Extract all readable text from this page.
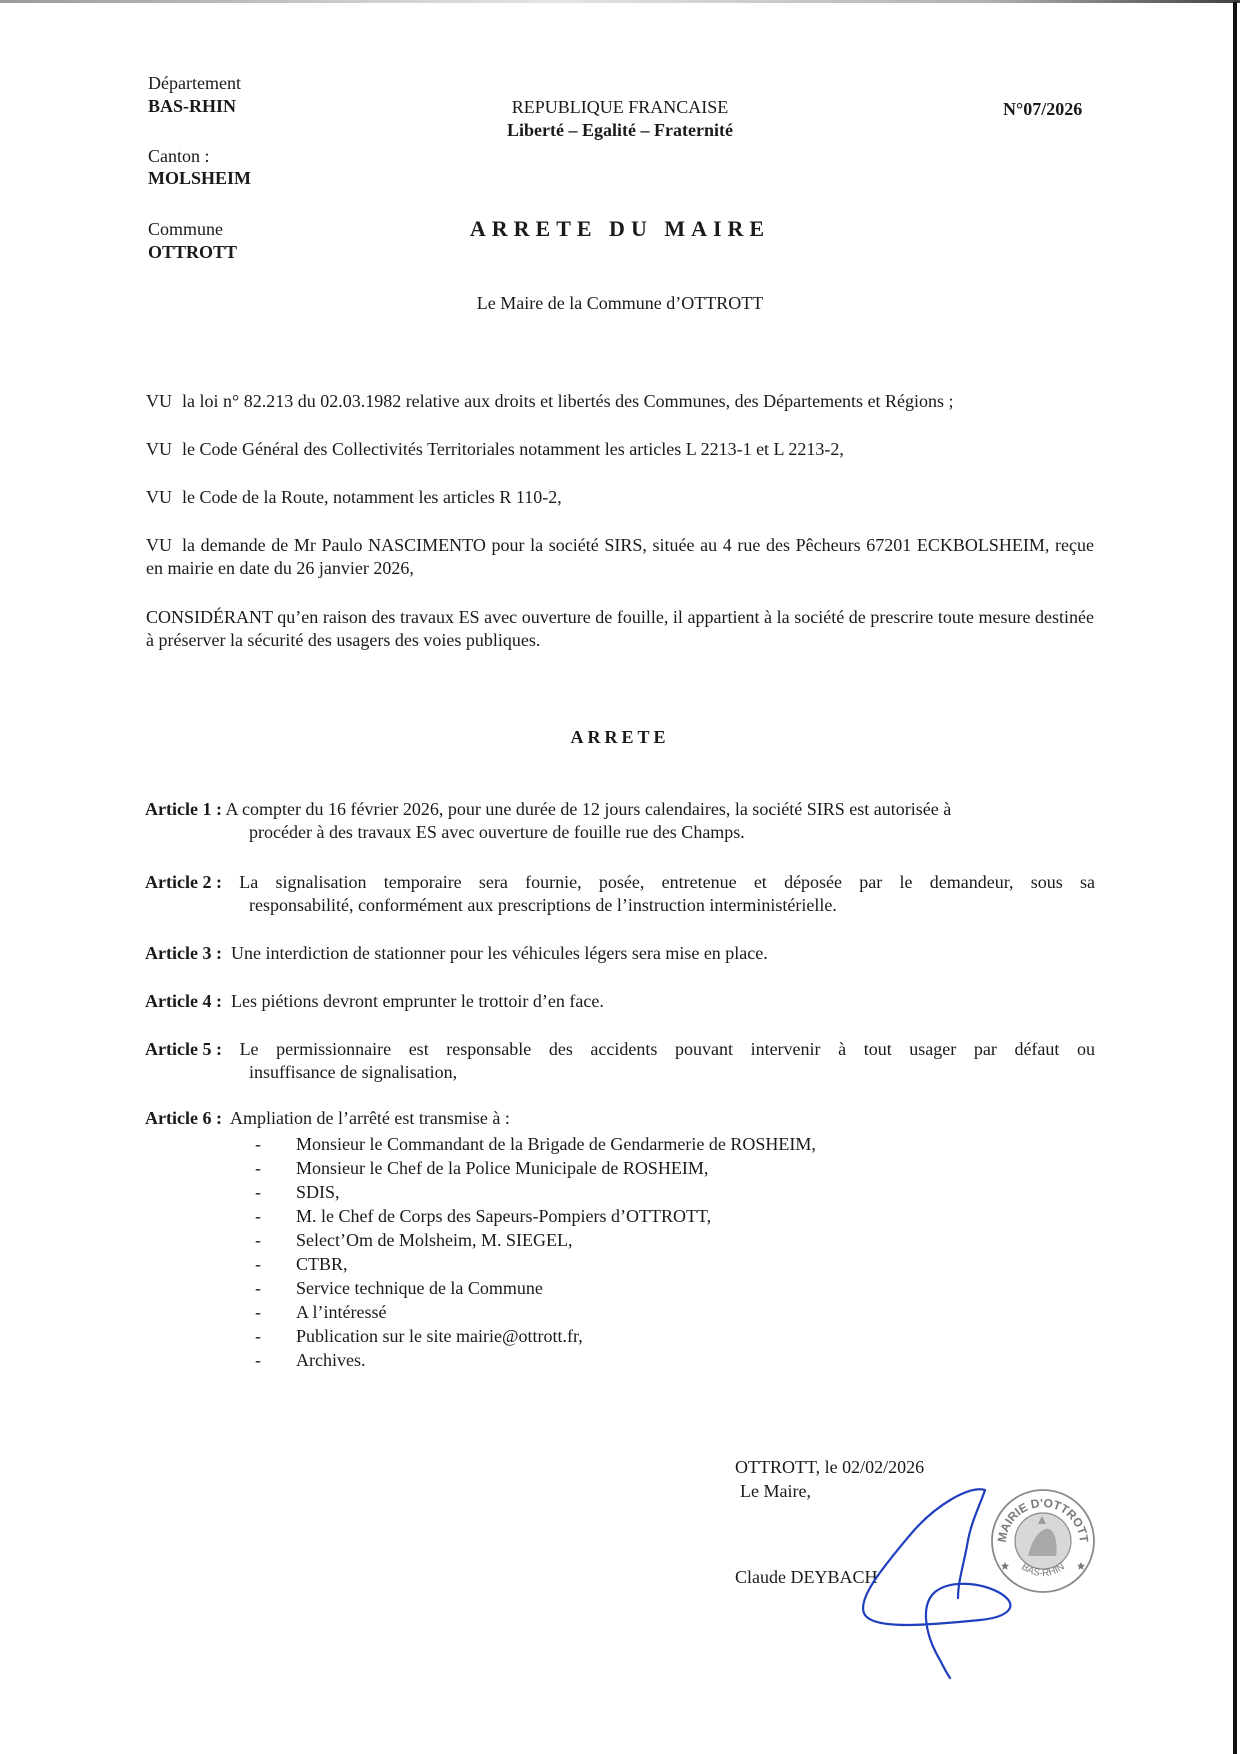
Département
BAS-RHIN
Canton :
MOLSHEIM
Commune
OTTROTT
REPUBLIQUE FRANCAISE
Liberté – Egalité – Fraternité
N°07/2026
ARRETE DU MAIRE
Le Maire de la Commune d’OTTROTT
VU la loi n° 82.213 du 02.03.1982 relative aux droits et libertés des Communes, des Départements et Régions ;
VU le Code Général des Collectivités Territoriales notamment les articles L 2213-1 et L 2213-2,
VU le Code de la Route, notamment les articles R 110-2,
VU la demande de Mr Paulo NASCIMENTO pour la société SIRS, située au 4 rue des Pêcheurs 67201 ECKBOLSHEIM, reçue en mairie en date du 26 janvier 2026,
CONSIDÉRANT qu’en raison des travaux ES avec ouverture de fouille, il appartient à la société de prescrire toute mesure destinée à préserver la sécurité des usagers des voies publiques.
ARRETE
Article 1 : A compter du 16 février 2026, pour une durée de 12 jours calendaires, la société SIRS est autorisée à
procéder à des travaux ES avec ouverture de fouille rue des Champs.
Article 2 : La signalisation temporaire sera fournie, posée, entretenue et déposée par le demandeur, sous sa
responsabilité, conformément aux prescriptions de l’instruction interministérielle.
Article 3 : Une interdiction de stationner pour les véhicules légers sera mise en place.
Article 4 : Les piétions devront emprunter le trottoir d’en face.
Article 5 : Le permissionnaire est responsable des accidents pouvant intervenir à tout usager par défaut ou
insuffisance de signalisation,
Article 6 : Ampliation de l’arrêté est transmise à :
- Monsieur le Commandant de la Brigade de Gendarmerie de ROSHEIM,
- Monsieur le Chef de la Police Municipale de ROSHEIM,
- SDIS,
- M. le Chef de Corps des Sapeurs-Pompiers d’OTTROTT,
- Select’Om de Molsheim, M. SIEGEL,
- CTBR,
- Service technique de la Commune
- A l’intéressé
- Publication sur le site mairie@ottrott.fr,
- Archives.
OTTROTT, le 02/02/2026
Le Maire,
Claude DEYBACH
MAIRIE D'OTTROTT
BAS-RHIN
